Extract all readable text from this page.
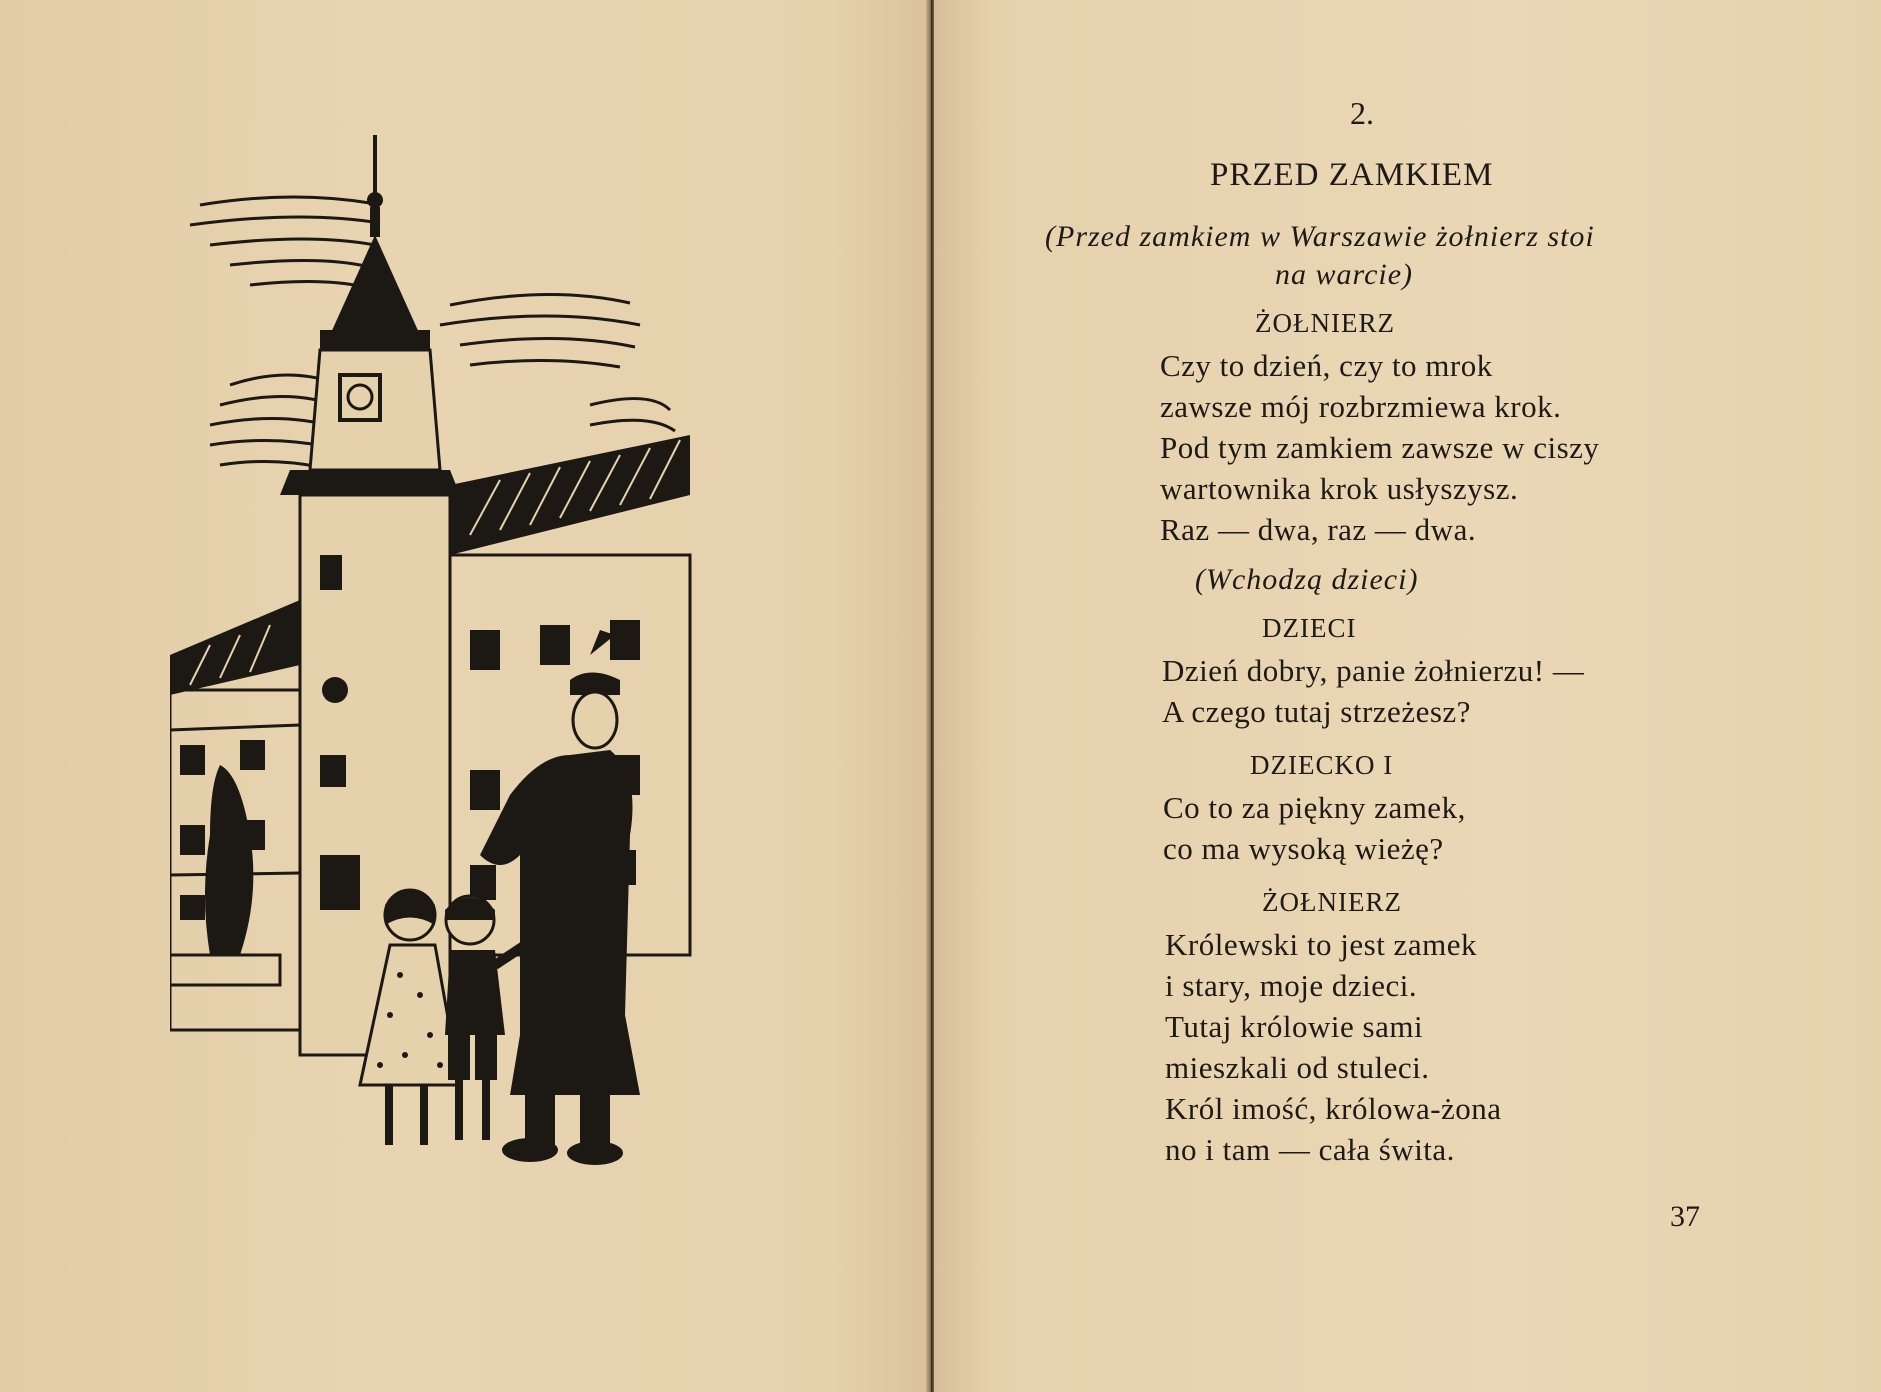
2.

PRZED ZAMKIEM

(Przed zamkiem w Warszawie żołnierz stoi

na warcie)

ŻOŁNIERZ

Czy to dzień, czy to mrok

zawsze mój rozbrzmiewa krok.

Pod tym zamkiem zawsze w ciszy

wartownika krok usłyszysz.

Raz — dwa, raz — dwa.

(Wchodzą dzieci)

DZIECI

Dzień dobry, panie żołnierzu! —

A czego tutaj strzeżesz?

DZIECKO I

Co to za piękny zamek,

co ma wysoką wieżę?

ŻOŁNIERZ

Królewski to jest zamek

i stary, moje dzieci.

Tutaj królowie sami

mieszkali od stuleci.

Król imość, królowa-żona

no i tam — cała świta.

37
